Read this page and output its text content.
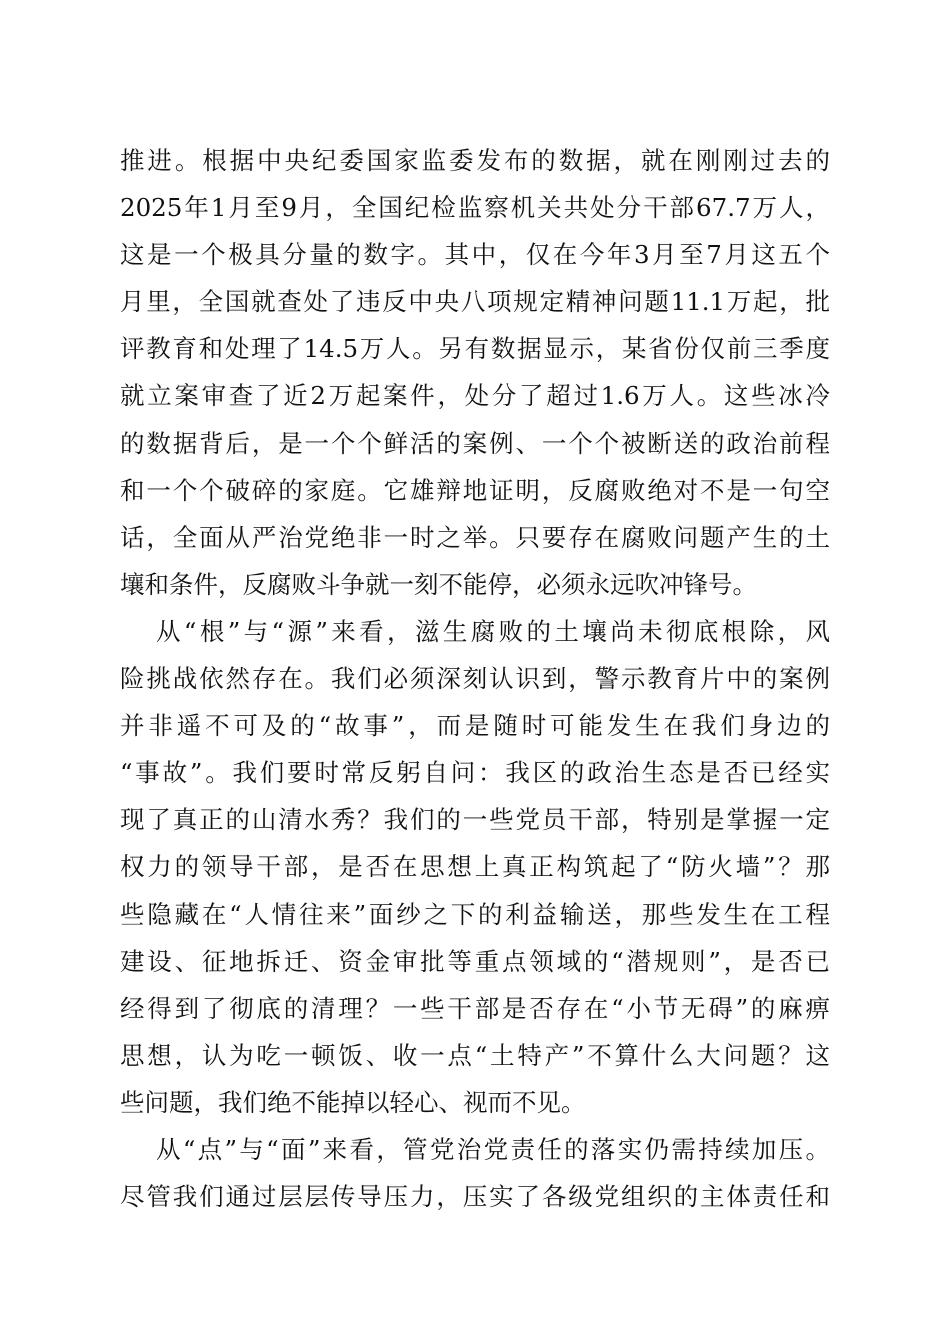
推进。根据中央纪委国家监委发布的数据，就在刚刚过去的
2025年1月至9月，全国纪检监察机关共处分干部67.7万人，
这是一个极具分量的数字。其中，仅在今年3月至7月这五个
月里，全国就查处了违反中央八项规定精神问题11.1万起，批
评教育和处理了14.5万人。另有数据显示，某省份仅前三季度
就立案审查了近2万起案件，处分了超过1.6万人。这些冰冷
的数据背后，是一个个鲜活的案例、一个个被断送的政治前程
和一个个破碎的家庭。它雄辩地证明，反腐败绝对不是一句空
话，全面从严治党绝非一时之举。只要存在腐败问题产生的土
壤和条件，反腐败斗争就一刻不能停，必须永远吹冲锋号。
从“根”与“源”来看，滋生腐败的土壤尚未彻底根除，风
险挑战依然存在。我们必须深刻认识到，警示教育片中的案例
并非遥不可及的“故事”，而是随时可能发生在我们身边的
“事故”。我们要时常反躬自问：我区的政治生态是否已经实
现了真正的山清水秀？我们的一些党员干部，特别是掌握一定
权力的领导干部，是否在思想上真正构筑起了“防火墙”？那
些隐藏在“人情往来”面纱之下的利益输送，那些发生在工程
建设、征地拆迁、资金审批等重点领域的“潜规则”，是否已
经得到了彻底的清理？一些干部是否存在“小节无碍”的麻痹
思想，认为吃一顿饭、收一点“土特产”不算什么大问题？这
些问题，我们绝不能掉以轻心、视而不见。
从“点”与“面”来看，管党治党责任的落实仍需持续加压。
尽管我们通过层层传导压力，压实了各级党组织的主体责任和
